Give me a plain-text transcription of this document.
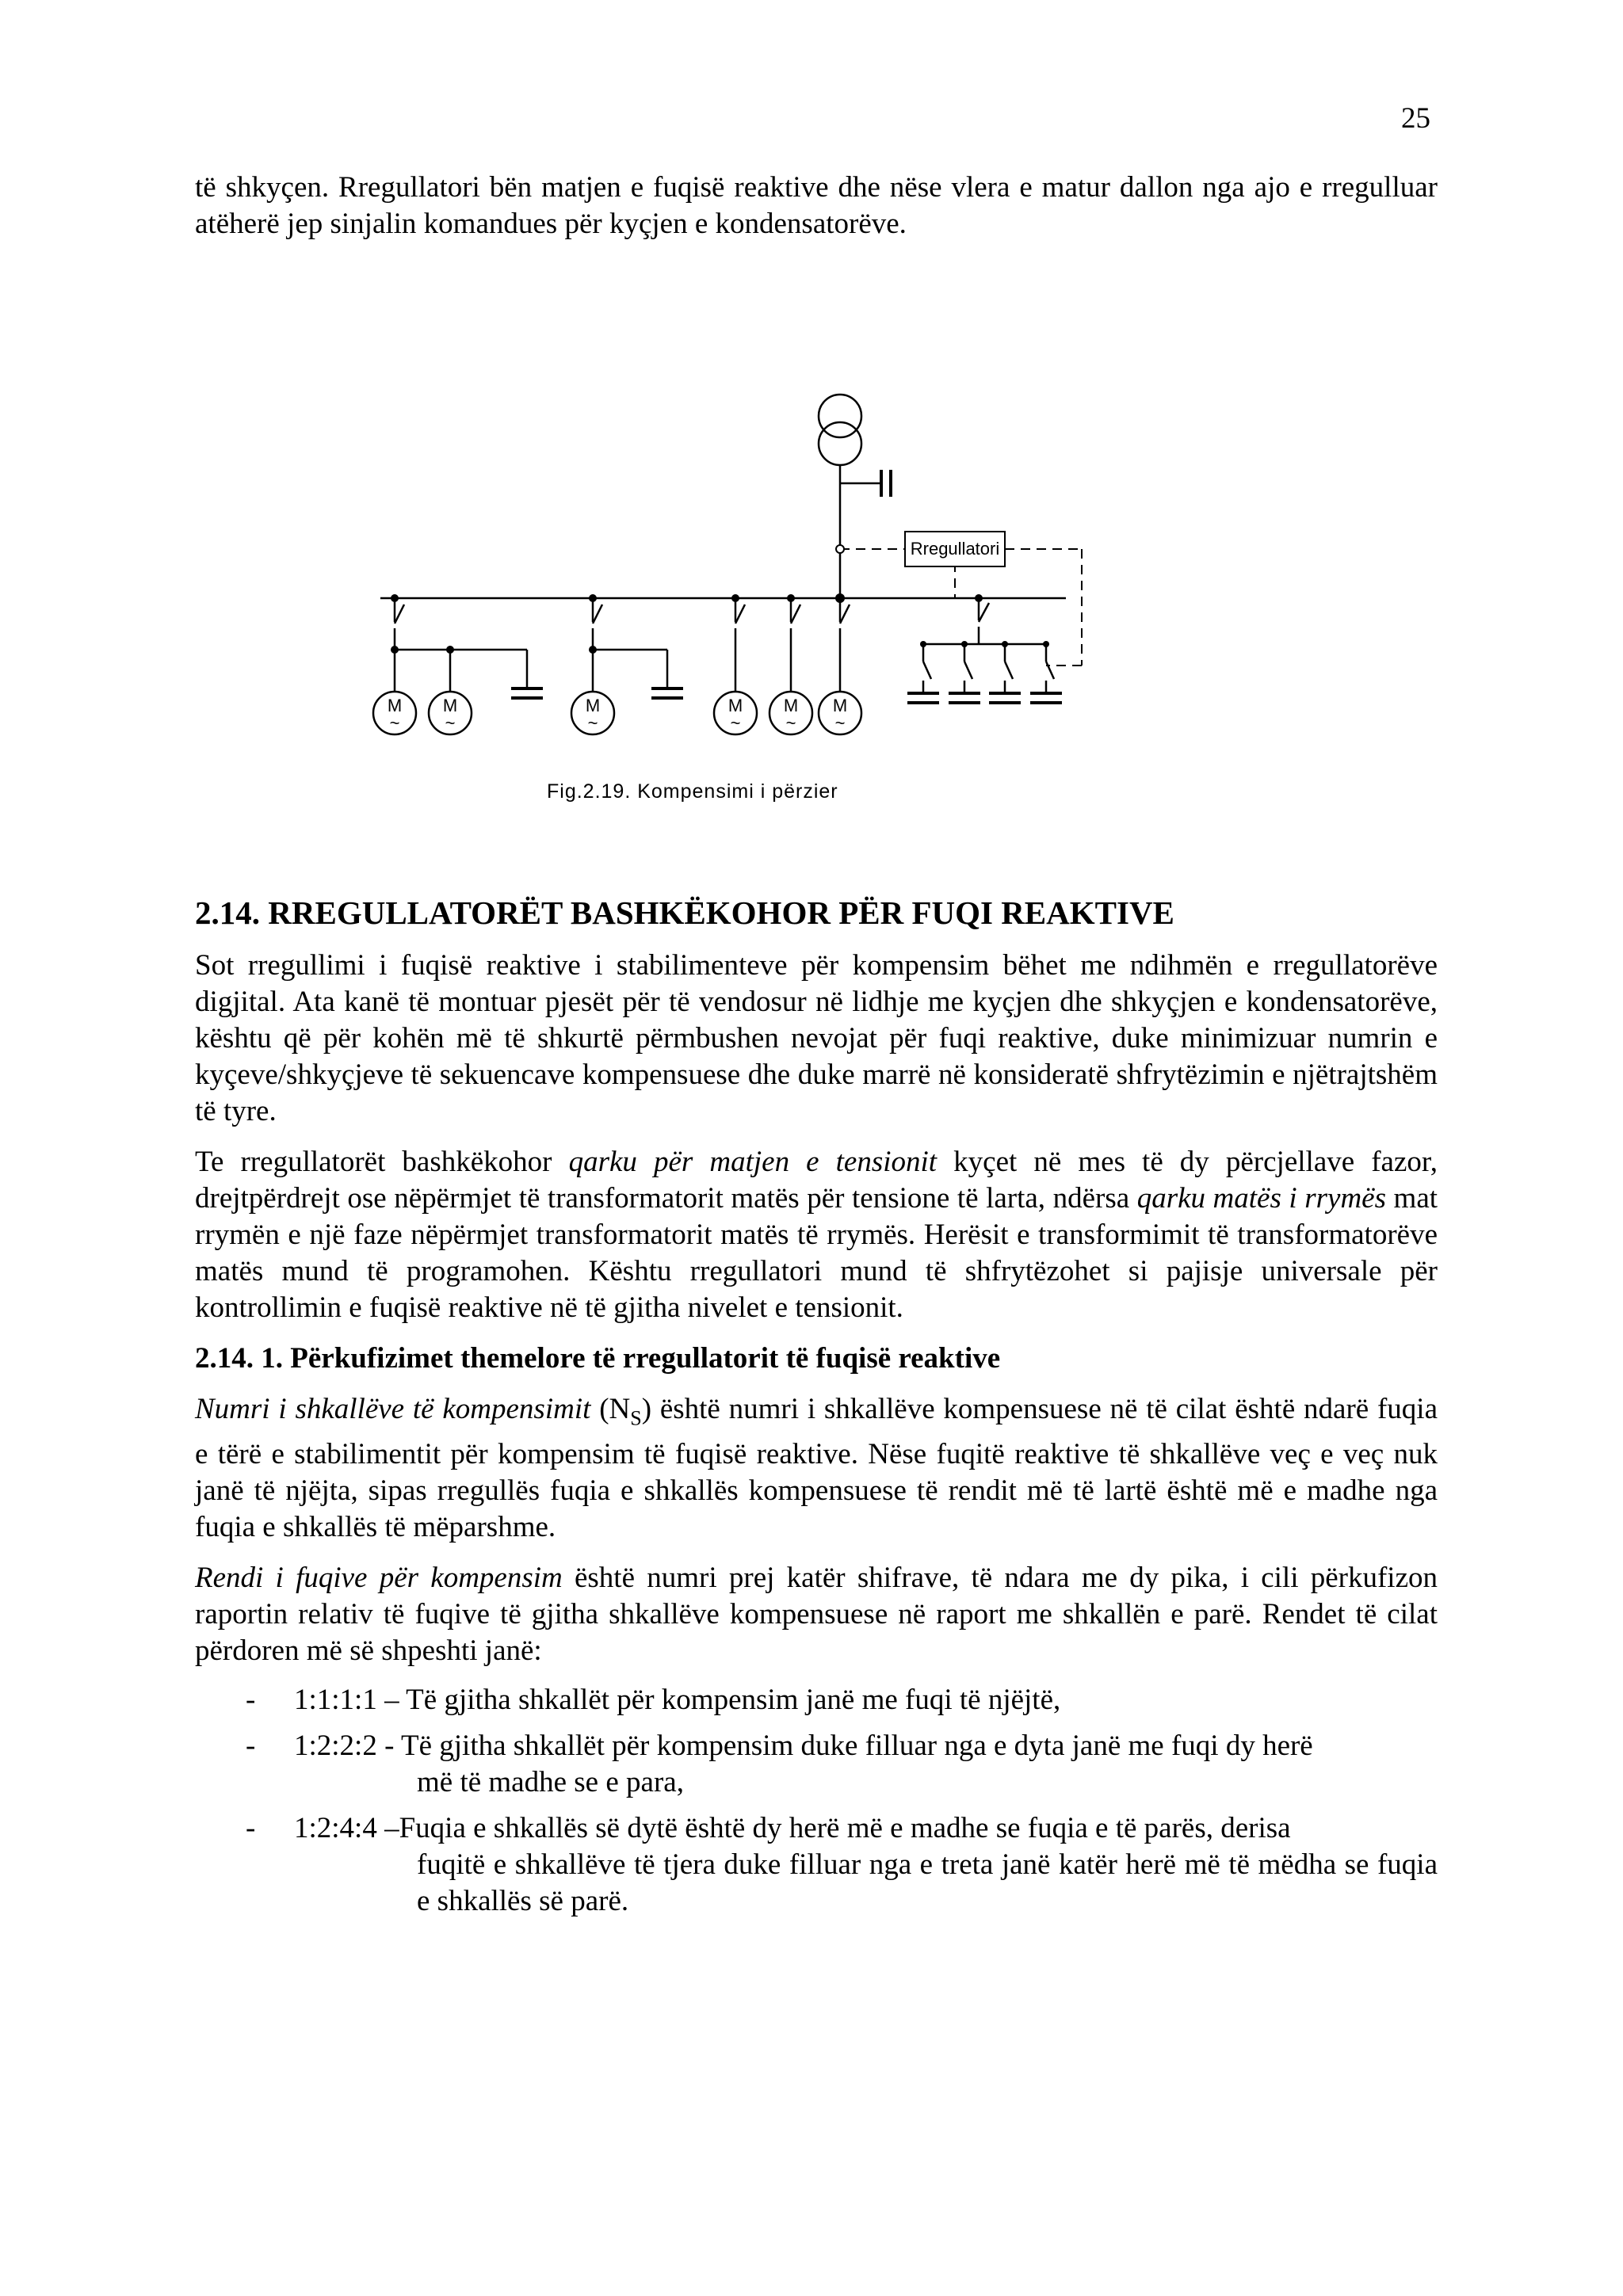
25

të shkyçen. Rregullatori bën matjen e fuqisë reaktive dhe nëse vlera e matur dallon nga ajo e rregulluar atëherë jep sinjalin komandues për kyçjen e kondensatorëve.

Rregullatori
M
~
M
~
M
~
M
~
M
~
M
~
Fig.2.19. Kompensimi i përzier
2.14. RREGULLATORËT BASHKËKOHOR PËR FUQI REAKTIVE

Sot rregullimi i fuqisë reaktive i stabilimenteve për kompensim bëhet me ndihmën e rregullatorëve digjital. Ata kanë të montuar pjesët për të vendosur në lidhje me kyçjen dhe shkyçjen e kondensatorëve, kështu që për kohën më të shkurtë përmbushen nevojat për fuqi reaktive, duke minimizuar numrin e kyçeve/shkyçjeve të sekuencave kompensuese dhe duke marrë në konsideratë shfrytëzimin e njëtrajtshëm të tyre.

Te rregullatorët bashkëkohor qarku për matjen e tensionit kyçet në mes të dy përcjellave fazor, drejtpërdrejt ose nëpërmjet të transformatorit matës për tensione të larta, ndërsa qarku matës i rrymës mat rrymën e një faze nëpërmjet transformatorit matës të rrymës. Herësit e transformimit të transformatorëve matës mund të programohen. Kështu rregullatori mund të shfrytëzohet si pajisje universale për kontrollimin e fuqisë reaktive në të gjitha nivelet e tensionit.

2.14. 1. Përkufizimet themelore të rregullatorit të fuqisë reaktive

Numri i shkallëve të kompensimit $(N_S)$ është numri i shkallëve kompensuese në të cilat është ndarë fuqia e tërë e stabilimentit për kompensim të fuqisë reaktive. Nëse fuqitë reaktive të shkallëve veç e veç nuk janë të njëjta, sipas rregullës fuqia e shkallës kompensuese të rendit më të lartë është më e madhe nga fuqia e shkallës të mëparshme.

Rendi i fuqive për kompensim është numri prej katër shifrave, të ndara me dy pika, i cili përkufizon raportin relativ të fuqive të gjitha shkallëve kompensuese në raport me shkallën e parë. Rendet të cilat përdoren më së shpeshti janë:

- 1:1:1:1 – Të gjitha shkallët për kompensim janë me fuqi të njëjtë,
- 1:2:2:2 - Të gjitha shkallët për kompensim duke filluar nga e dyta janë me fuqi dy herë
më të madhe se e para,
- 1:2:4:4 –Fuqia e shkallës së dytë është dy herë më e madhe se fuqia e të parës, derisa
fuqitë e shkallëve të tjera duke filluar nga e treta janë katër herë më të mëdha se fuqia e shkallës së parë.
